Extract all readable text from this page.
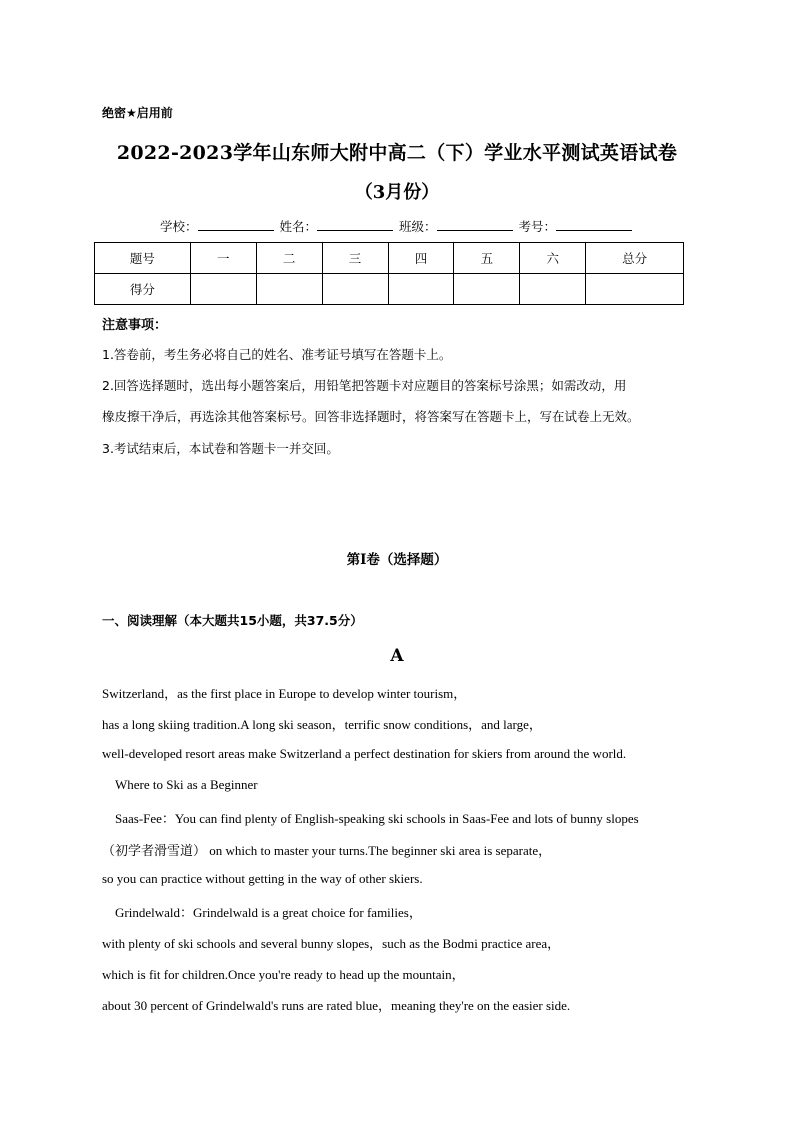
绝密★启用前
2022-2023学年山东师大附中高二（下）学业水平测试英语试卷
（3月份）
学校：	姓名：	班级：	考号：
题号	一	二	三	四	五	六	总分
得分							
注意事项：
1.答卷前，考生务必将自己的姓名、准考证号填写在答题卡上。
2.回答选择题时，选出每小题答案后，用铅笔把答题卡对应题目的答案标号涂黑；如需改动，用
橡皮擦干净后，再选涂其他答案标号。回答非选择题时，将答案写在答题卡上，写在试卷上无效。
3.考试结束后，本试卷和答题卡一并交回。
第I卷（选择题）
一、阅读理解（本大题共15小题，共37.5分）
A
Switzerland，as the first place in Europe to develop winter tourism，
has a long skiing tradition.A long ski season，terrific snow conditions，and large，
well-developed resort areas make Switzerland a perfect destination for skiers from around the world.
Where to Ski as a Beginner
Saas-Fee：You can find plenty of English-speaking ski schools in Saas-Fee and lots of bunny slopes
（初学者滑雪道） on which to master your turns.The beginner ski area is separate，
so you can practice without getting in the way of other skiers.
Grindelwald：Grindelwald is a great choice for families，
with plenty of ski schools and several bunny slopes，such as the Bodmi practice area，
which is fit for children.Once you're ready to head up the mountain，
about 30 percent of Grindelwald's runs are rated blue，meaning they're on the easier side.
